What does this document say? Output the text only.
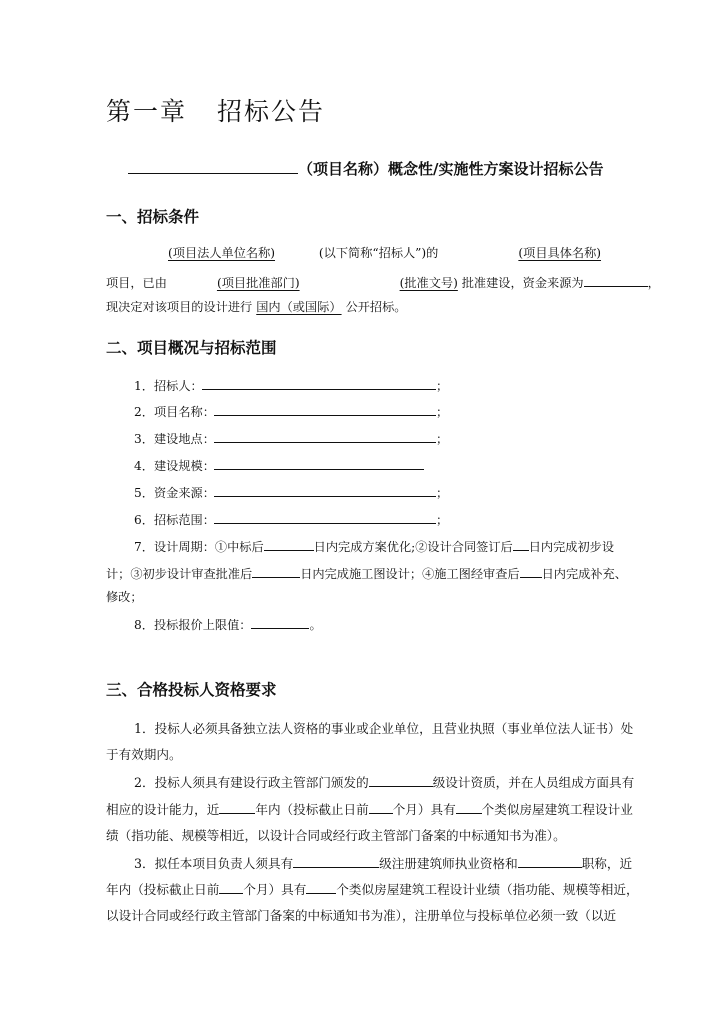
第一章 招标公告
（项目名称）概念性/实施性方案设计招标公告
一、招标条件
(项目法人单位名称)	(以下简称“招标人”)的	(项目具体名称)
项目，已由	(项目批准部门)	(批准文号) 批准建设，资金来源为	，
现决定对该项目的设计进行 国内（或国际） 公开招标。
二、项目概况与招标范围
1．招标人：	；
2．项目名称：	；
3．建设地点：	；
4．建设规模：
5．资金来源：	；
6．招标范围：	；
7．设计周期：①中标后	日内完成方案优化;②设计合同签订后 日内完成初步设
计；③初步设计审查批准后	日内完成施工图设计；④施工图经审查后 日内完成补充、
修改；
8．投标报价上限值：	。
三、合格投标人资格要求
1．投标人必须具备独立法人资格的事业或企业单位，且营业执照（事业单位法人证书）处
于有效期内。
2．投标人须具有建设行政主管部门颁发的	级设计资质，并在人员组成方面具有
相应的设计能力，近	年内（投标截止日前 个月）具有 个类似房屋建筑工程设计业
绩（指功能、规模等相近，以设计合同或经行政主管部门备案的中标通知书为准）。
3．拟任本项目负责人须具有	级注册建筑师执业资格和	职称，近
年内（投标截止日前 个月）具有 个类似房屋建筑工程设计业绩（指功能、规模等相近，
以设计合同或经行政主管部门备案的中标通知书为准），注册单位与投标单位必须一致（以近
